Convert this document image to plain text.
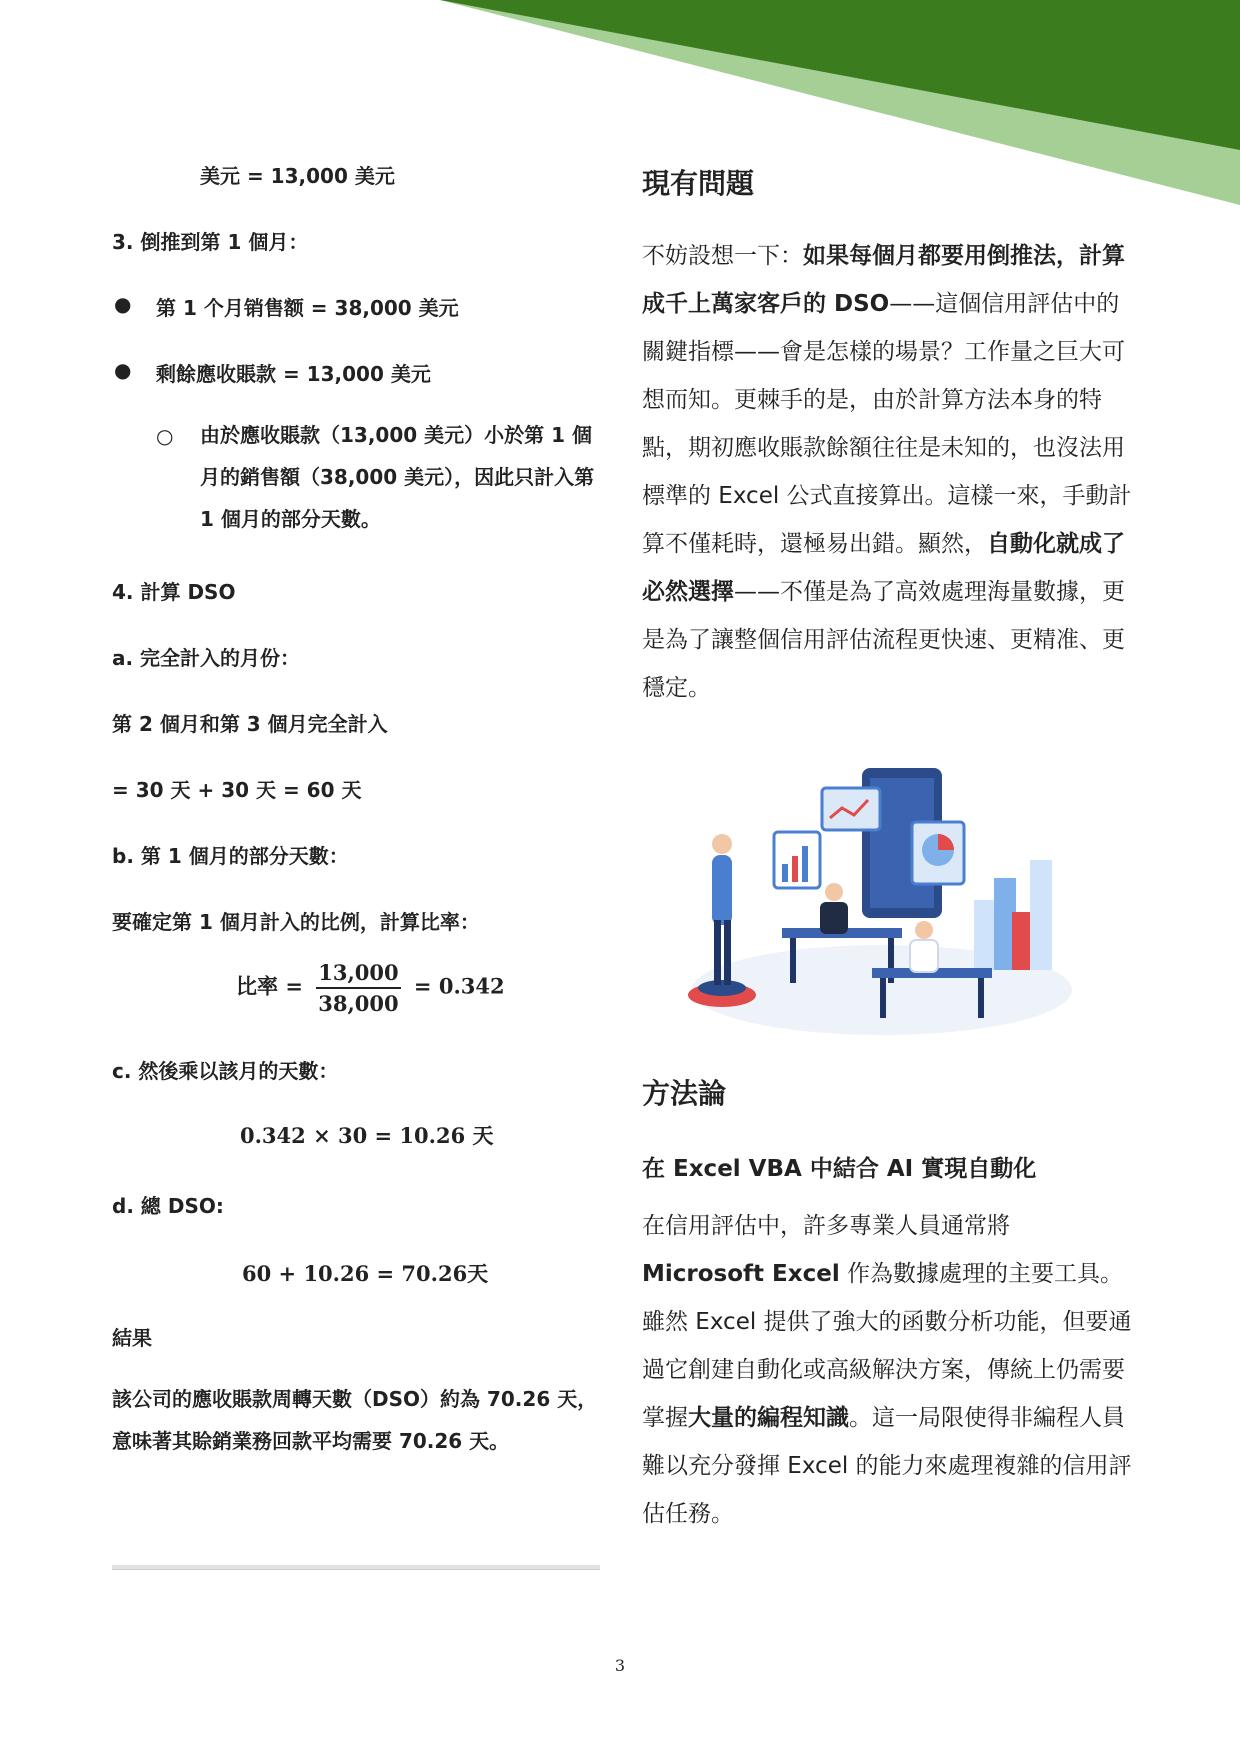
美元 = 13,000 美元
3. 倒推到第 1 個月：
● 第 1 个月销售额 = 38,000 美元
● 剩餘應收賬款 = 13,000 美元
○ 由於應收賬款（13,000 美元）小於第 1 個月的銷售額（38,000 美元），因此只計入第 1 個月的部分天數。
4. 計算 DSO
a. 完全計入的月份：
第 2 個月和第 3 個月完全計入
= 30 天 + 30 天 = 60 天
b. 第 1 個月的部分天數：
要確定第 1 個月計入的比例，計算比率：
比率 = $\frac{13,000}{38,000} = 0.342$
c. 然後乘以該月的天數：
0.342 × 30 = 10.26 天
d. 總 DSO:
60 + 10.26 = 70.26天
結果
該公司的應收賬款周轉天數（DSO）約為 70.26 天，意味著其賒銷業務回款平均需要 70.26 天。
現有問題
不妨設想一下：如果每個月都要用倒推法，計算成千上萬家客戶的 DSO——這個信用評估中的關鍵指標——會是怎樣的場景？工作量之巨大可想而知。更棘手的是，由於計算方法本身的特點，期初應收賬款餘額往往是未知的，也沒法用標準的 Excel 公式直接算出。這樣一來，手動計算不僅耗時，還極易出錯。顯然，自動化就成了必然選擇——不僅是為了高效處理海量數據，更是為了讓整個信用評估流程更快速、更精准、更穩定。
方法論
在 Excel VBA 中結合 AI 實現自動化
在信用評估中，許多專業人員通常將Microsoft Excel 作為數據處理的主要工具。雖然 Excel 提供了強大的函數分析功能，但要通過它創建自動化或高級解決方案，傳統上仍需要掌握大量的編程知識。這一局限使得非編程人員難以充分發揮 Excel 的能力來處理複雜的信用評估任務。
3
